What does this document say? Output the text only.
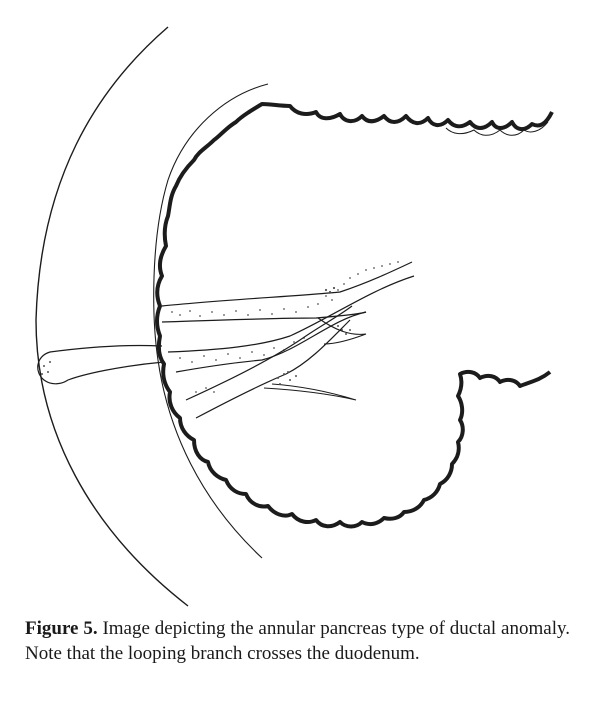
Figure 5. Image depicting the annular pancreas type of ductal anomaly. Note that the looping branch crosses the duodenum.
